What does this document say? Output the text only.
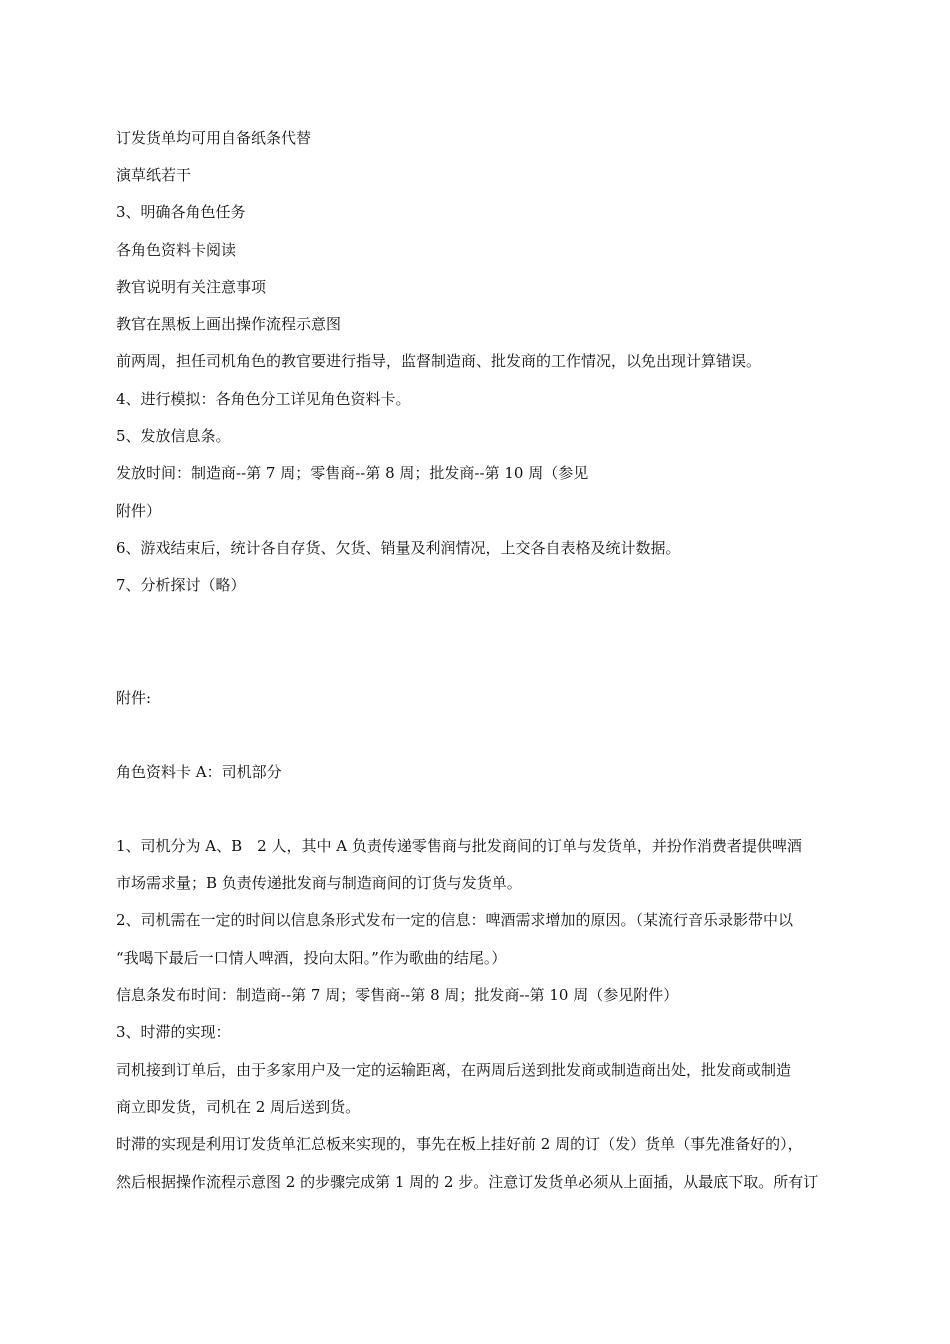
订发货单均可用自备纸条代替
演草纸若干
3、明确各角色任务
各角色资料卡阅读
教官说明有关注意事项
教官在黑板上画出操作流程示意图
前两周，担任司机角色的教官要进行指导，监督制造商、批发商的工作情况，以免出现计算错误。
4、进行模拟：各角色分工详见角色资料卡。
5、发放信息条。
发放时间：制造商--第 7 周；零售商--第 8 周；批发商--第 10 周（参见
附件）
6、游戏结束后，统计各自存货、欠货、销量及利润情况，上交各自表格及统计数据。
7、分析探讨（略）
附件:
角色资料卡 A：司机部分
1、司机分为 A、B　2 人，其中 A 负责传递零售商与批发商间的订单与发货单，并扮作消费者提供啤酒
市场需求量；B 负责传递批发商与制造商间的订货与发货单。
2、司机需在一定的时间以信息条形式发布一定的信息：啤酒需求增加的原因。（某流行音乐录影带中以
“我喝下最后一口情人啤酒，投向太阳。”作为歌曲的结尾。）
信息条发布时间：制造商--第 7 周；零售商--第 8 周；批发商--第 10 周（参见附件）
3、时滞的实现：
司机接到订单后，由于多家用户及一定的运输距离，在两周后送到批发商或制造商出处，批发商或制造
商立即发货，司机在 2 周后送到货。
时滞的实现是利用订发货单汇总板来实现的，事先在板上挂好前 2 周的订（发）货单（事先准备好的），
然后根据操作流程示意图 2 的步骤完成第 1 周的 2 步。注意订发货单必须从上面插，从最底下取。所有订
